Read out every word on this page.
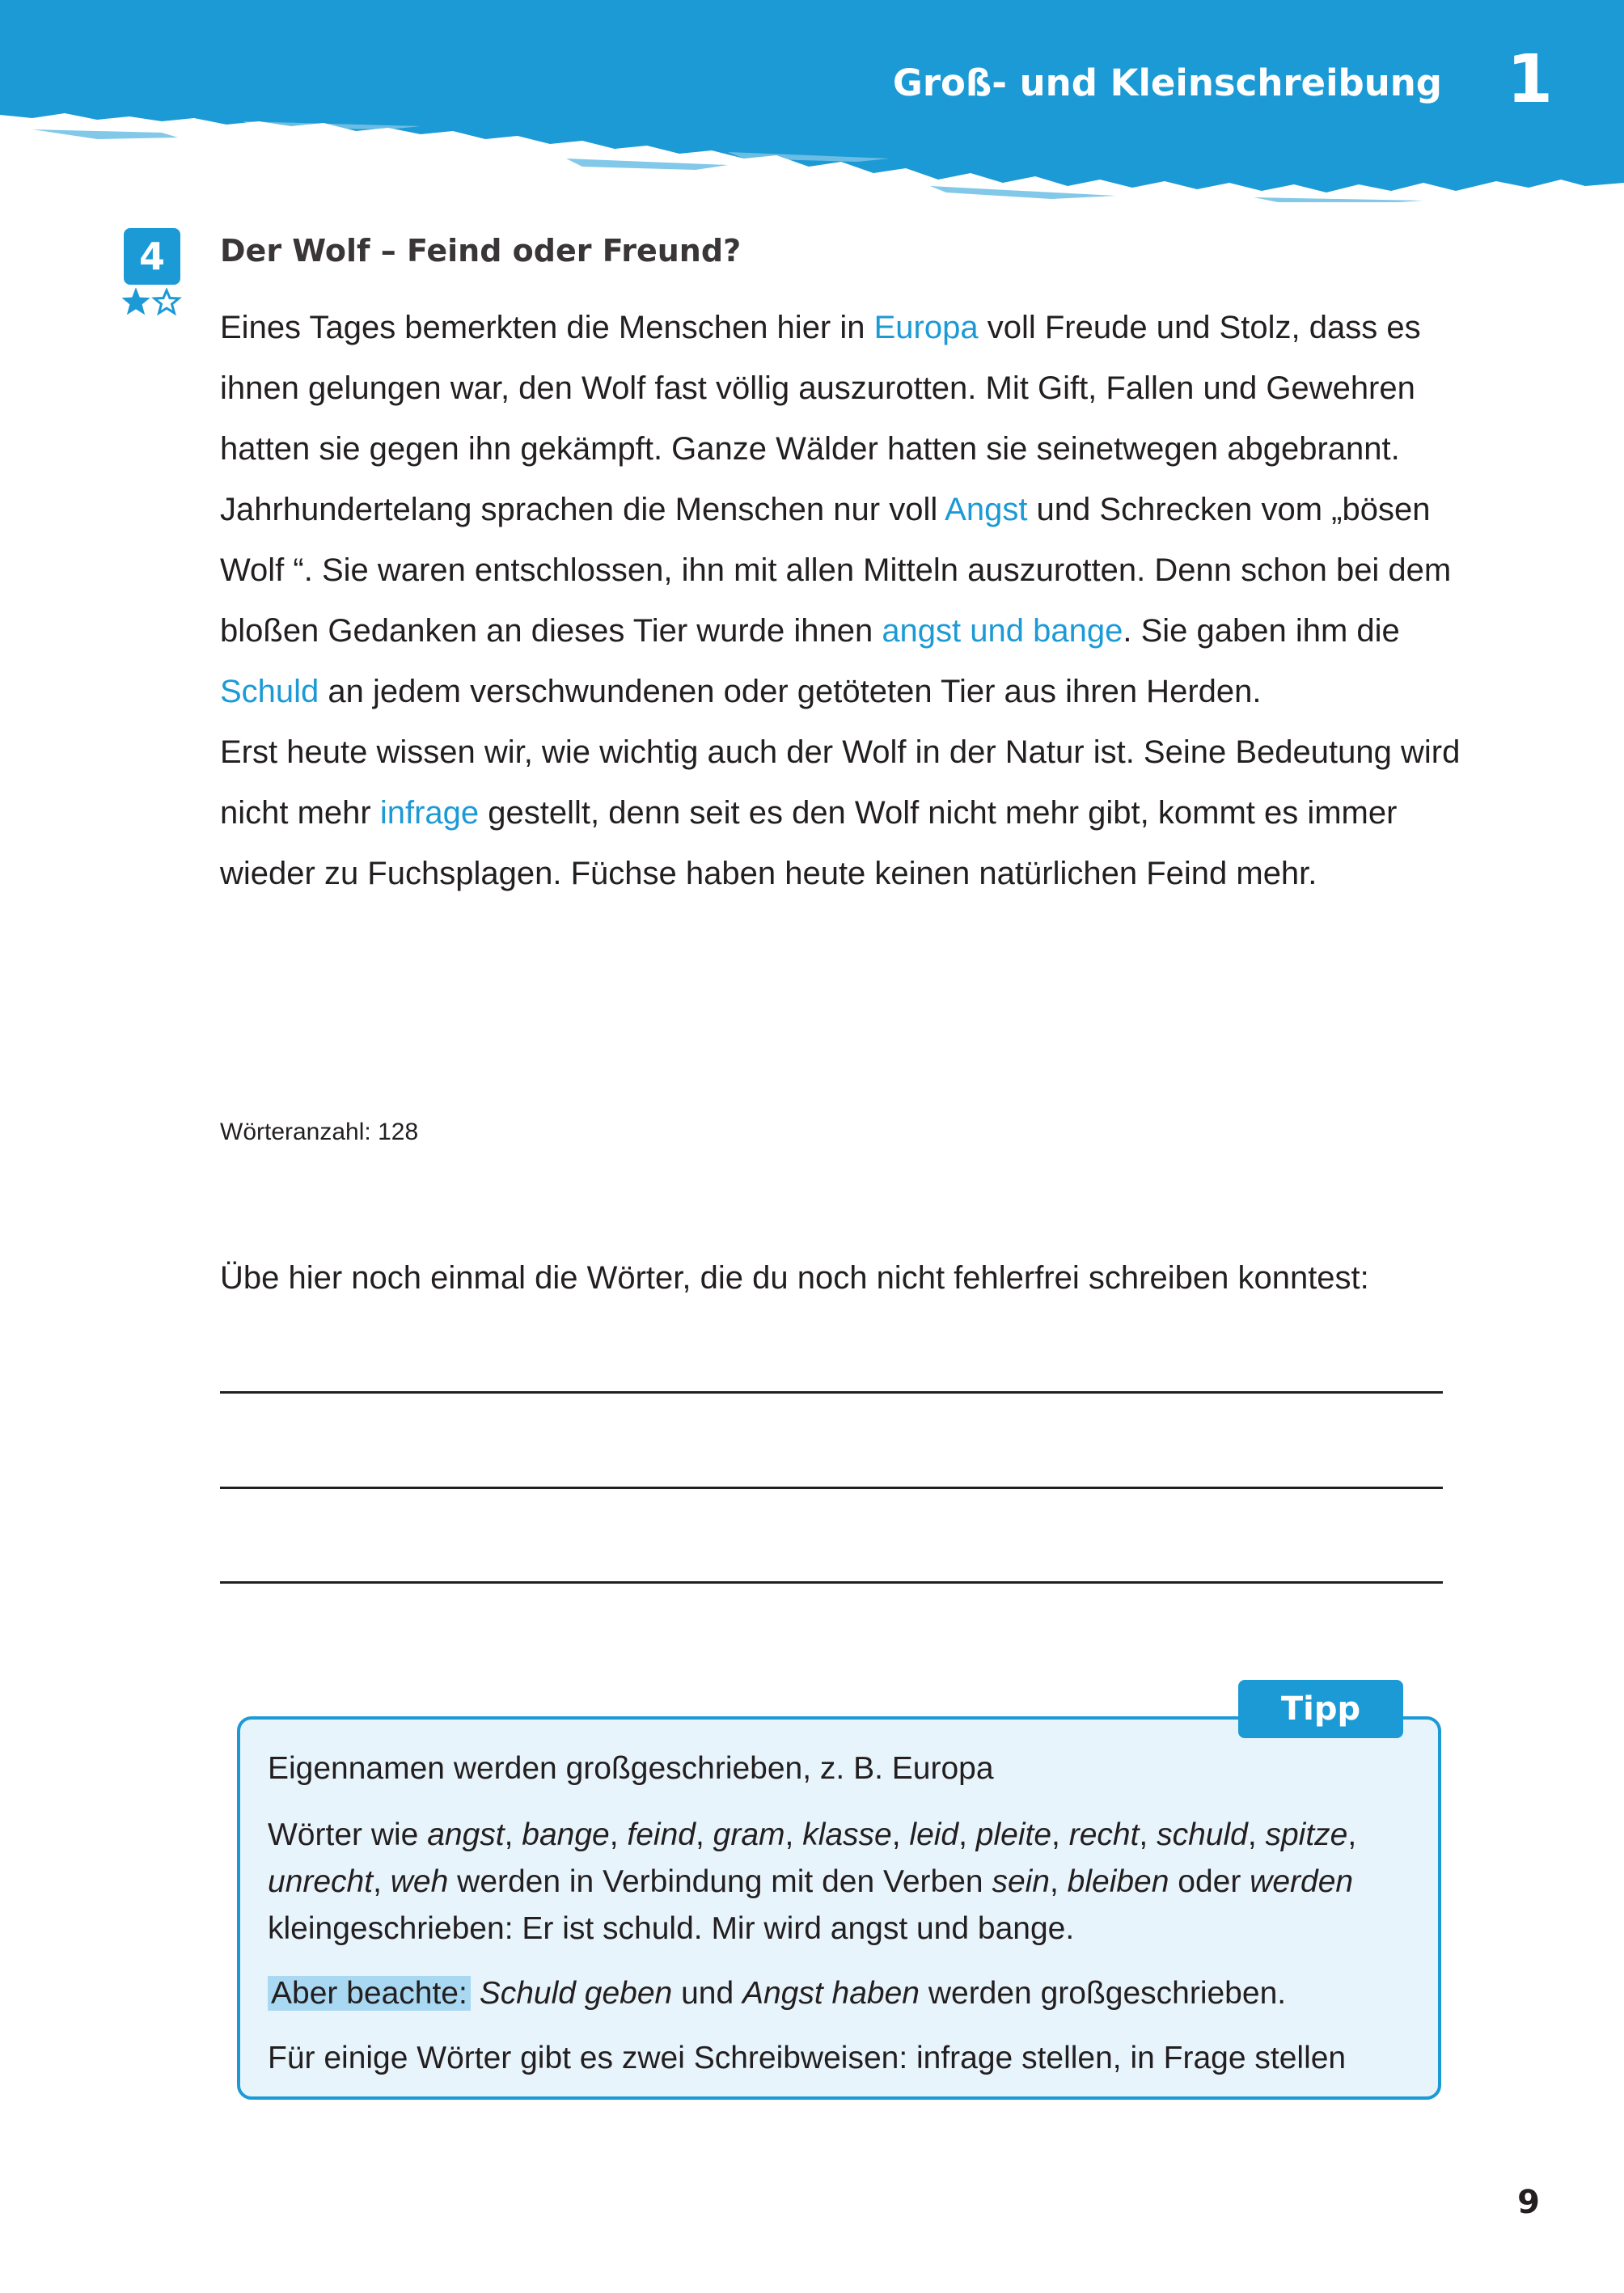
Groß- und Kleinschreibung 1
4	Der Wolf – Feind oder Freund?

Eines Tages bemerkten die Menschen hier in Europa voll Freude und Stolz, dass es ihnen gelungen war, den Wolf fast völlig auszurotten. Mit Gift, Fallen und Gewehren hatten sie gegen ihn gekämpft. Ganze Wälder hatten sie seinetwegen abgebrannt.

Jahrhundertelang sprachen die Menschen nur voll Angst und Schrecken vom „bösen Wolf “. Sie waren entschlossen, ihn mit allen Mitteln auszurotten. Denn schon bei dem bloßen Gedanken an dieses Tier wurde ihnen angst und bange. Sie gaben ihm die Schuld an jedem verschwundenen oder getöteten Tier aus ihren Herden.

Erst heute wissen wir, wie wichtig auch der Wolf in der Natur ist. Seine Bedeutung wird nicht mehr infrage gestellt, denn seit es den Wolf nicht mehr gibt, kommt es immer wieder zu Fuchsplagen. Füchse haben heute keinen natürlichen Feind mehr.

Wörteranzahl: 128
Übe hier noch einmal die Wörter, die du noch nicht fehlerfrei schreiben konntest:
Tipp

Eigennamen werden großgeschrieben, z. B. Europa

Wörter wie angst, bange, feind, gram, klasse, leid, pleite, recht, schuld, spitze, unrecht, weh werden in Verbindung mit den Verben sein, bleiben oder werden kleingeschrieben: Er ist schuld. Mir wird angst und bange.

Aber beachte: Schuld geben und Angst haben werden großgeschrieben.

Für einige Wörter gibt es zwei Schreibweisen: infrage stellen, in Frage stellen

9
